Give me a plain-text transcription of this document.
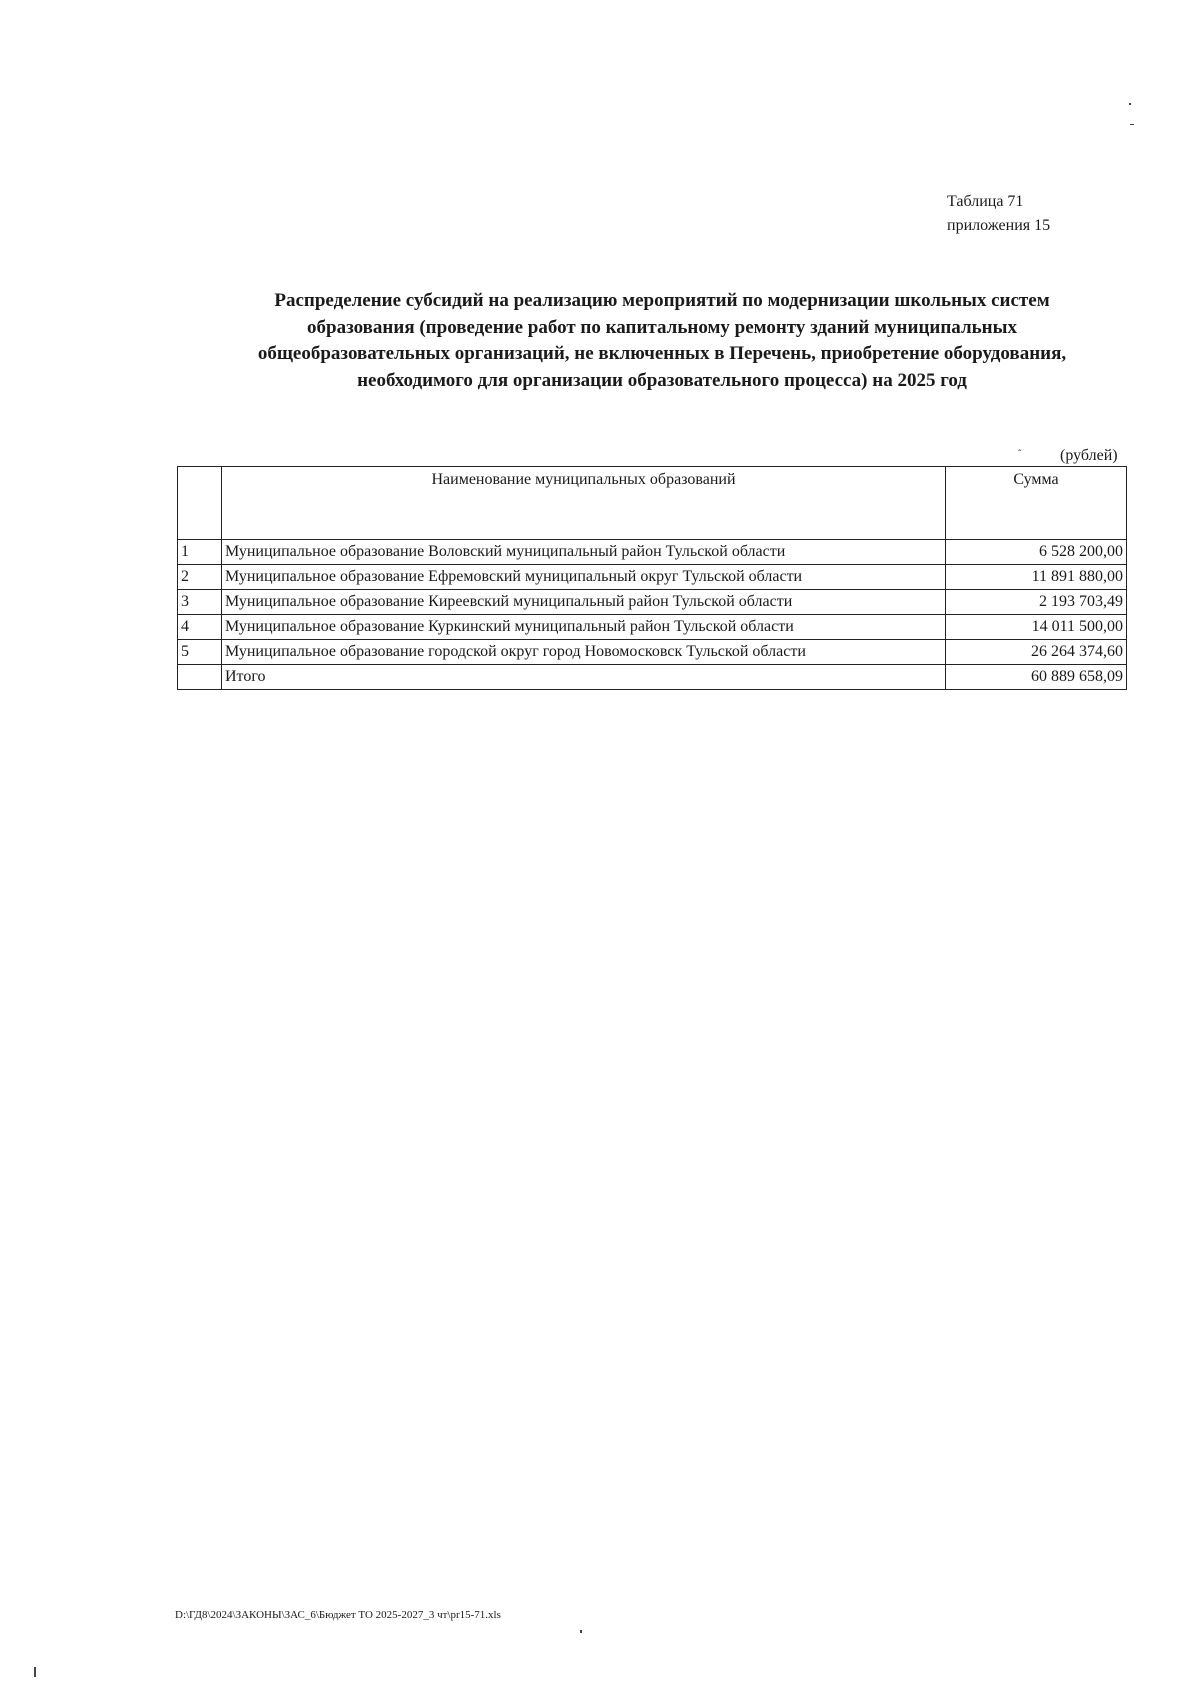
Таблица 71
приложения 15
Распределение субсидий на реализацию мероприятий по модернизации школьных систем
образования (проведение работ по капитальному ремонту зданий муниципальных
общеобразовательных организаций, не включенных в Перечень, приобретение оборудования,
необходимого для организации образовательного процесса) на 2025 год
ˆ (рублей)
	Наименование муниципальных образований	Сумма
1	Муниципальное образование Воловский муниципальный район Тульской области	6 528 200,00
2	Муниципальное образование Ефремовский муниципальный округ Тульской области	11 891 880,00
3	Муниципальное образование Киреевский муниципальный район Тульской области	2 193 703,49
4	Муниципальное образование Куркинский муниципальный район Тульской области	14 011 500,00
5	Муниципальное образование городской округ город Новомосковск Тульской области	26 264 374,60
	Итого	60 889 658,09
D:\ГД8\2024\ЗАКОНЫ\ЗАС_6\Бюджет ТО 2025-2027_3 чт\pr15-71.xls
